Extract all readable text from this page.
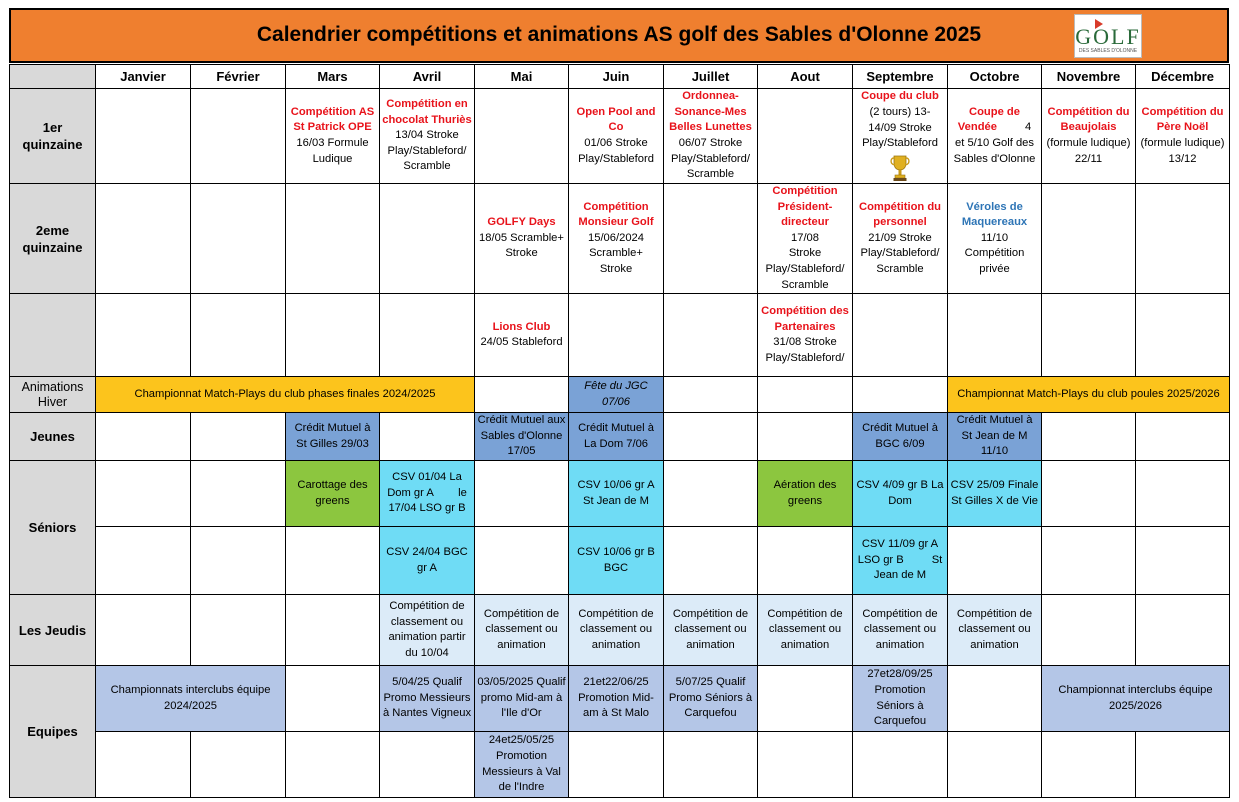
Calendrier compétitions et animations AS golf des Sables d'Olonne 2025	GOLF
DES SABLES D'OLONNE
	Janvier	Février	Mars	Avril	Mai	Juin	Juillet	Aout	Septembre	Octobre	Novembre	Décembre

1er
quinzaine			Compétition AS St Patrick OPE
16/03 Formule
Ludique	Compétition en chocolat Thuriès
13/04 Stroke
Play/Stableford/
Scramble		Open Pool and Co
01/06 Stroke
Play/Stableford	Ordonnea-Sonance-Mes Belles Lunettes
06/07 Stroke
Play/Stableford/
Scramble		Coupe du club
(2 tours) 13-
14/09 Stroke
Play/Stableford	Coupe de
Vendée 4
et 5/10 Golf des
Sables d'Olonne	Compétition du Beaujolais
(formule ludique)
22/11	Compétition du Père Noël
(formule ludique)
13/12

2eme
quinzaine					GOLFY Days
18/05 Scramble+
Stroke	Compétition Monsieur Golf
15/06/2024
Scramble+
Stroke		Compétition Président-directeur
17/08
Stroke
Play/Stableford/
Scramble	Compétition du personnel
21/09 Stroke
Play/Stableford/
Scramble	Véroles de Maquereaux
11/10
Compétition
privée		

					Lions Club
24/05 Stableford			Compétition des Partenaires
31/08 Stroke
Play/Stableford/				

Animations
Hiver	Championnat Match-Plays du club phases finales 2024/2025					Fête du JGC
07/06				Championnat Match-Plays du club poules 2025/2026		
Jeunes			Crédit Mutuel à
St Gilles 29/03		Crédit Mutuel aux
Sables d'Olonne
17/05	Crédit Mutuel à
La Dom 7/06			Crédit Mutuel à
BGC 6/09	Crédit Mutuel à
St Jean de M
11/10		

Séniors			Carottage des
greens	CSV 01/04 La
Dom gr A        le
17/04 LSO gr B		CSV 10/06 gr A
St Jean de M		Aération des
greens	CSV 4/09 gr B La
Dom	CSV 25/09 Finale
St Gilles X de Vie		

				CSV 24/04 BGC
gr A		CSV 10/06 gr B
BGC			CSV 11/09 gr A
LSO gr B         St
Jean de M			

Les Jeudis				Compétition de
classement ou
animation partir
du 10/04	Compétition de
classement ou
animation	Compétition de
classement ou
animation	Compétition de
classement ou
animation	Compétition de
classement ou
animation	Compétition de
classement ou
animation	Compétition de
classement ou
animation		

Equipes	Championnats interclubs équipe
2024/2025			5/04/25 Qualif
Promo Messieurs
à Nantes Vigneux	03/05/2025 Qualif
promo Mid-am à
l'Ile d'Or	21et22/06/25
Promotion Mid-
am à St Malo	5/07/25 Qualif
Promo Séniors à
Carquefou		27et28/09/25
Promotion
Séniors à
Carquefou		Championnat interclubs équipe
2025/2026	

					24et25/05/25
Promotion
Messieurs à Val
de l'Indre							
